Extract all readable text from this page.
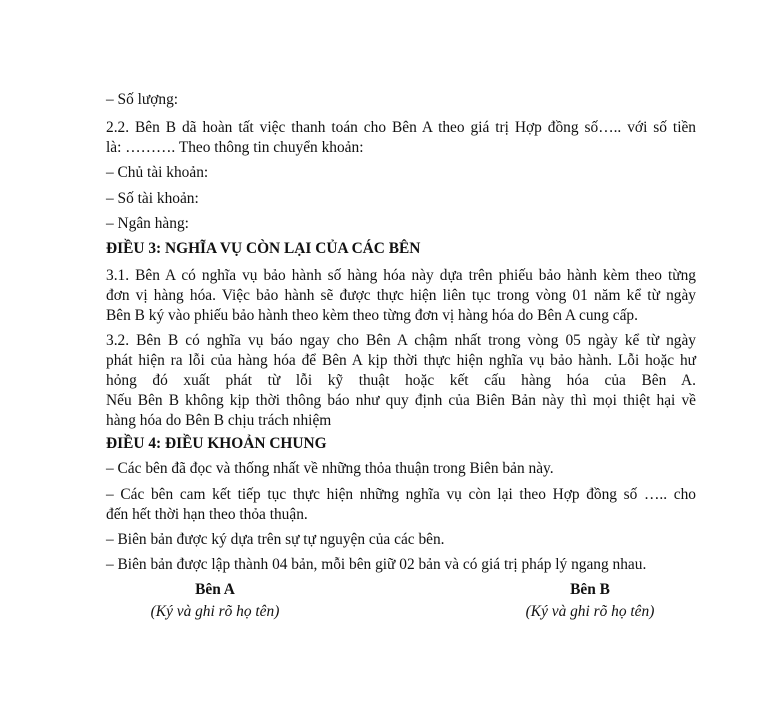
– Số lượng:
2.2. Bên B dã hoàn tất việc thanh toán cho Bên A theo giá trị Hợp đồng số….. với số tiền
là: ………. Theo thông tin chuyển khoản:
– Chủ tài khoản:
– Số tài khoản:
– Ngân hàng:
ĐIỀU 3: NGHĨA VỤ CÒN LẠI CỦA CÁC BÊN
3.1. Bên A có nghĩa vụ bảo hành số hàng hóa này dựa trên phiếu bảo hành kèm theo từng
đơn vị hàng hóa. Việc bảo hành sẽ được thực hiện liên tục trong vòng 01 năm kể từ ngày
Bên B ký vào phiếu bảo hành theo kèm theo từng đơn vị hàng hóa do Bên A cung cấp.
3.2. Bên B có nghĩa vụ báo ngay cho Bên A chậm nhất trong vòng 05 ngày kể từ ngày
phát hiện ra lỗi của hàng hóa để Bên A kịp thời thực hiện nghĩa vụ bảo hành. Lỗi hoặc hư
hỏng đó xuất phát từ lỗi kỹ thuật hoặc kết cấu hàng hóa của Bên A.
Nếu Bên B không kịp thời thông báo như quy định của Biên Bản này thì mọi thiệt hại về
hàng hóa do Bên B chịu trách nhiệm
ĐIỀU 4: ĐIỀU KHOẢN CHUNG
– Các bên đã đọc và thống nhất về những thỏa thuận trong Biên bản này.
– Các bên cam kết tiếp tục thực hiện những nghĩa vụ còn lại theo Hợp đồng số ….. cho
đến hết thời hạn theo thỏa thuận.
– Biên bản được ký dựa trên sự tự nguyện của các bên.
– Biên bản được lập thành 04 bản, mỗi bên giữ 02 bản và có giá trị pháp lý ngang nhau.
Bên A
(Ký và ghi rõ họ tên)
Bên B
(Ký và ghi rõ họ tên)
